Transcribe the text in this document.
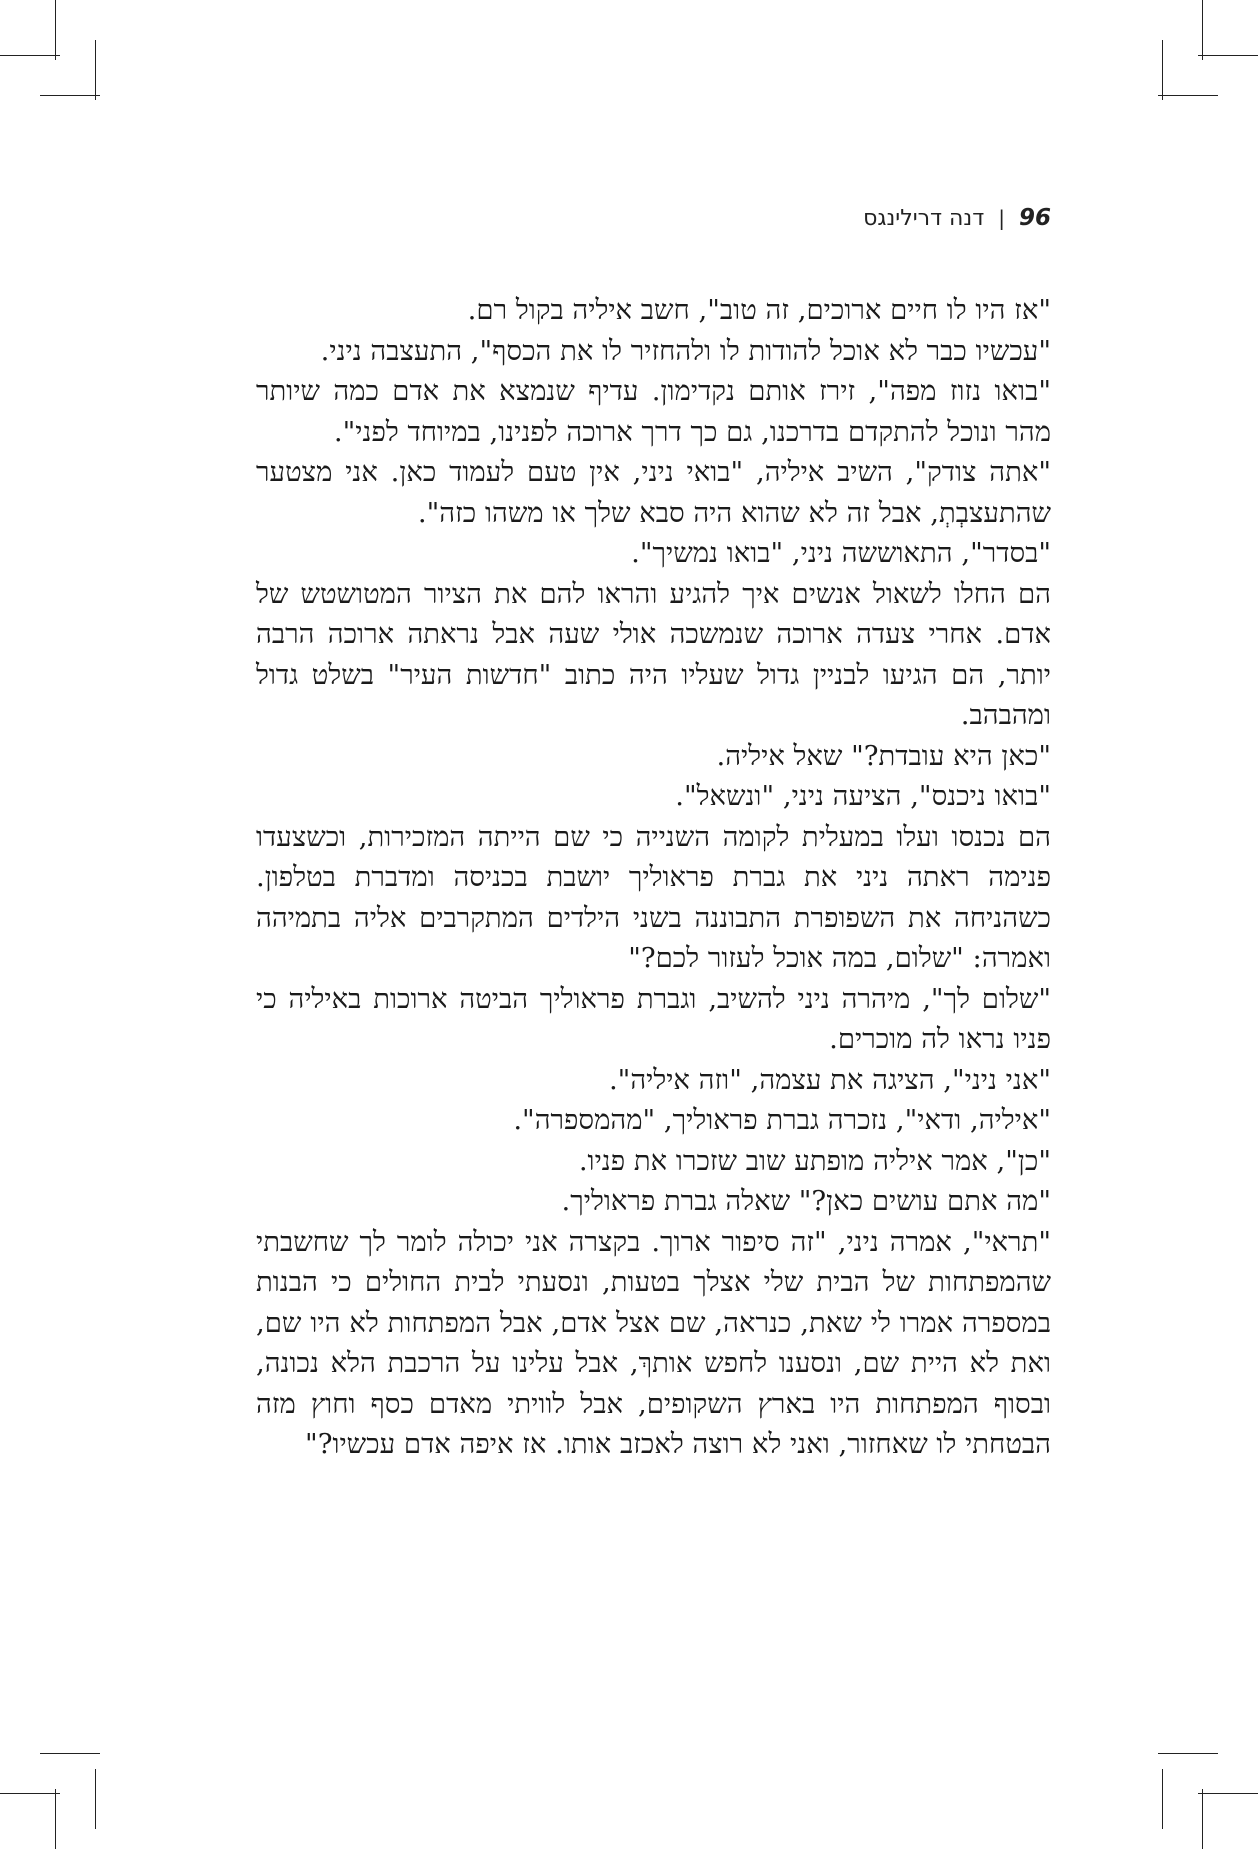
96
|
דנה דרילינגס

"אז היו לו חיים ארוכים, זה טוב", חשב איליה בקול רם.

"עכשיו כבר לא אוכל להודות לו ולהחזיר לו את הכסף", התעצבה ניני.

"בואו נזוז מפה", זירז אותם נקדימון. עדיף שנמצא את אדם כמה שיותר מהר ונוכל להתקדם בדרכנו, גם כך דרך ארוכה לפנינו, במיוחד לפני".

"אתה צודק", השיב איליה, "בואי ניני, אין טעם לעמוד כאן. אני מצטער שהתעצבְתְ, אבל זה לא שהוא היה סבא שלך או משהו כזה".

"בסדר", התאוששה ניני, "בואו נמשיך".

הם החלו לשאול אנשים איך להגיע והראו להם את הציור המטושטש של אדם. אחרי צעדה ארוכה שנמשכה אולי שעה אבל נראתה ארוכה הרבה יותר, הם הגיעו לבניין גדול שעליו היה כתוב "חדשות העיר" בשלט גדול ומהבהב.

"כאן היא עובדת?" שאל איליה.

"בואו ניכנס", הציעה ניני, "ונשאל".

הם נכנסו ועלו במעלית לקומה השנייה כי שם הייתה המזכירות, וכשצעדו פנימה ראתה ניני את גברת פראוליך יושבת בכניסה ומדברת בטלפון. כשהניחה את השפופרת התבוננה בשני הילדים המתקרבים אליה בתמיהה ואמרה: "שלום, במה אוכל לעזור לכם?"

"שלום לך", מיהרה ניני להשיב, וגברת פראוליך הביטה ארוכות באיליה כי פניו נראו לה מוכרים.

"אני ניני", הציגה את עצמה, "וזה איליה".

"איליה, ודאי", נזכרה גברת פראוליך, "מהמספרה".

"כן", אמר איליה מופתע שוב שזכרו את פניו.

"מה אתם עושים כאן?" שאלה גברת פראוליך.

"תראי", אמרה ניני, "זה סיפור ארוך. בקצרה אני יכולה לומר לך שחשבתי שהמפתחות של הבית שלי אצלך בטעות, ונסעתי לבית החולים כי הבנות במספרה אמרו לי שאת, כנראה, שם אצל אדם, אבל המפתחות לא היו שם, ואת לא היית שם, ונסענו לחפש אותךְ, אבל עלינו על הרכבת הלא נכונה, ובסוף המפתחות היו בארץ השקופים, אבל לוויתי מאדם כסף וחוץ מזה הבטחתי לו שאחזור, ואני לא רוצה לאכזב אותו. אז איפה אדם עכשיו?"
